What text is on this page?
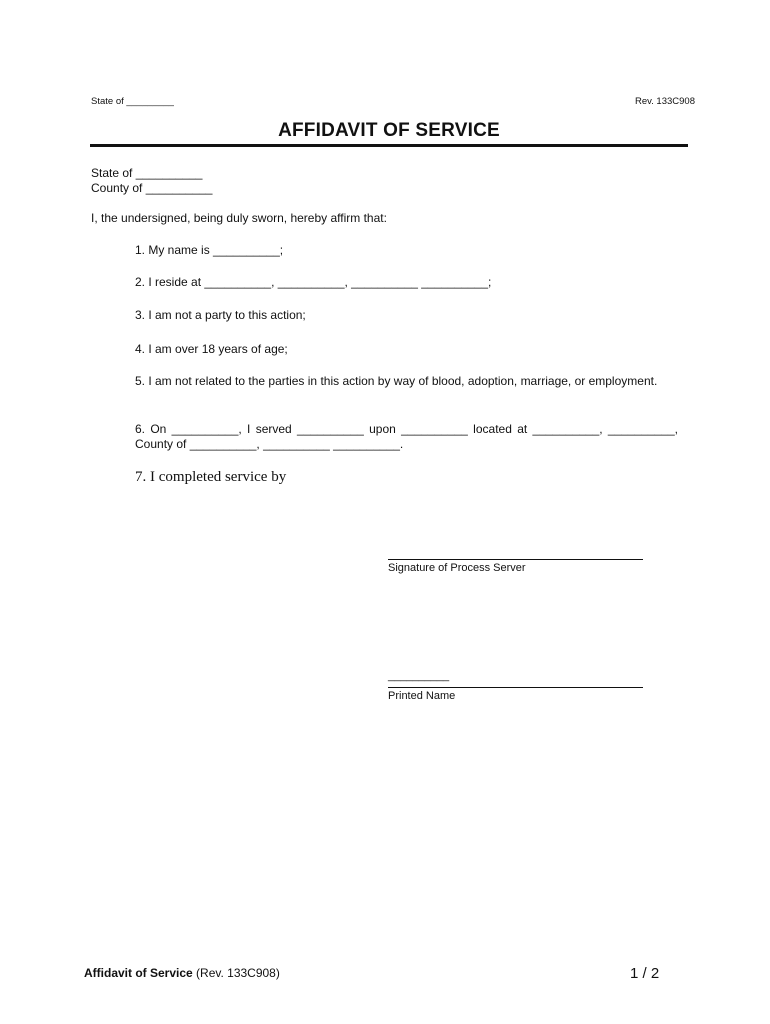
State of _________	Rev. 133C908
AFFIDAVIT OF SERVICE
State of __________
County of __________
I, the undersigned, being duly sworn, hereby affirm that:
1. My name is __________;
2. I reside at __________, __________, __________ __________;
3. I am not a party to this action;
4. I am over 18 years of age;
5. I am not related to the parties in this action by way of blood, adoption, marriage, or employment.
6. On __________, I served __________ upon __________ located at __________, __________, County of __________, __________ __________.
7. I completed service by
Signature of Process Server
__________
Printed Name
Affidavit of Service (Rev. 133C908)	1 / 2
